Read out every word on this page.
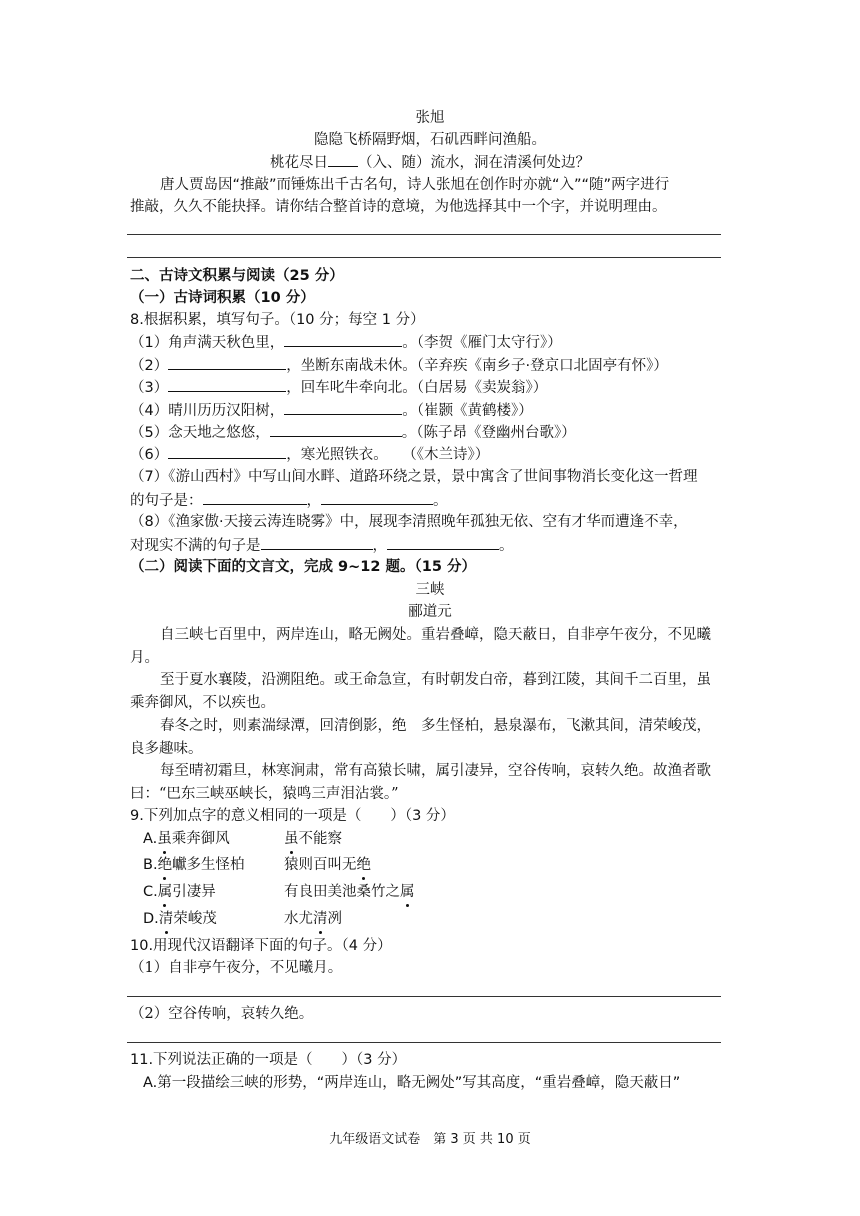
张旭
隐隐飞桥隔野烟，石矶西畔问渔船。
桃花尽日 （入、随）流水，洞在清溪何处边？
唐人贾岛因“推敲”而锤炼出千古名句，诗人张旭在创作时亦就“入”“随”两字进行
推敲，久久不能抉择。请你结合整首诗的意境，为他选择其中一个字，并说明理由。
二、古诗文积累与阅读（25 分）
（一）古诗词积累（10 分）
8.根据积累，填写句子。（10 分；每空 1 分）
（1）角声满天秋色里，	。（李贺《雁门太守行》）
（2）	，坐断东南战未休。（辛弃疾《南乡子·登京口北固亭有怀》）
（3）	，回车叱牛牵向北。（白居易《卖炭翁》）
（4）晴川历历汉阳树，	。（崔颢《黄鹤楼》）
（5）念天地之悠悠，	。（陈子昂《登幽州台歌》）
（6）	，寒光照铁衣。　　（《木兰诗》）
（7）《游山西村》中写山间水畔、道路环绕之景，景中寓含了世间事物消长变化这一哲理
的句子是：	，	。
（8）《渔家傲·天接云涛连晓雾》中，展现李清照晚年孤独无依、空有才华而遭逢不幸，
对现实不满的句子是	，	。
（二）阅读下面的文言文，完成 9~12 题。（15 分）
三峡
郦道元
自三峡七百里中，两岸连山，略无阙处。重岩叠嶂，隐天蔽日，自非亭午夜分，不见曦
月。
至于夏水襄陵，沿溯阻绝。或王命急宣，有时朝发白帝，暮到江陵，其间千二百里，虽
乘奔御风，不以疾也。
春冬之时，则素湍绿潭，回清倒影，绝　多生怪柏，悬泉瀑布，飞漱其间，清荣峻茂，
良多趣味。
每至晴初霜旦，林寒涧肃，常有高猿长啸，属引凄异，空谷传响，哀转久绝。故渔者歌
曰：“巴东三峡巫峡长，猿鸣三声泪沾裳。”
9.下列加点字的意义相同的一项是（　　）（3 分）
A.虽乘奔御风	虽不能察
B.绝巘多生怪柏	猿则百叫无绝
C.属引凄异	有良田美池桑竹之属
D.清荣峻茂	水尤清冽
10.用现代汉语翻译下面的句子。（4 分）
（1）自非亭午夜分，不见曦月。
（2）空谷传响，哀转久绝。
11.下列说法正确的一项是（　　）（3 分）
A.第一段描绘三峡的形势，“两岸连山，略无阙处”写其高度，“重岩叠嶂，隐天蔽日”
九年级语文试卷　第 3 页 共 10 页
